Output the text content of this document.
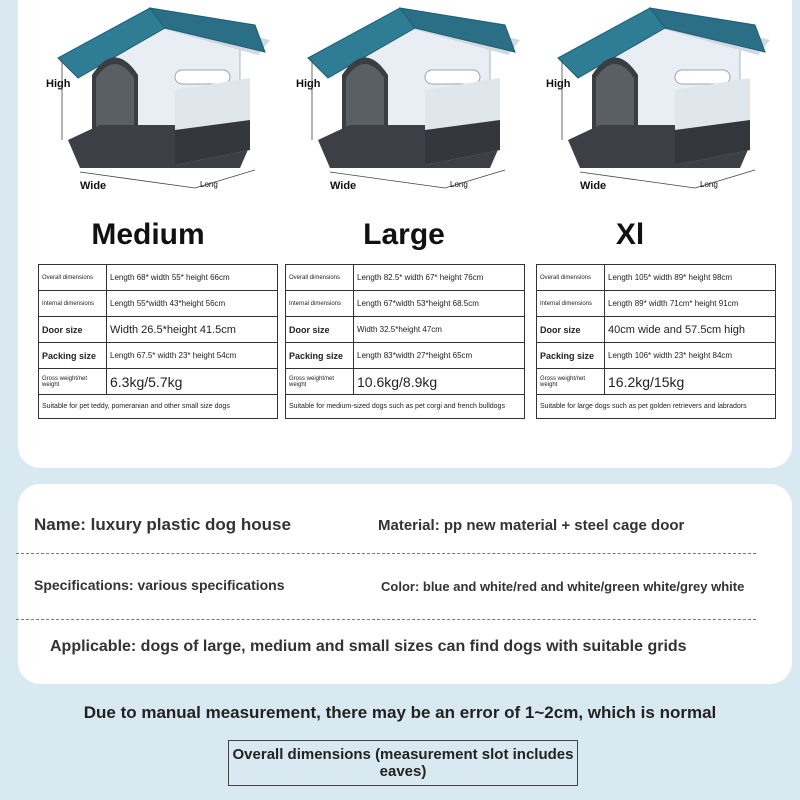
High
Wide	Long
High
Wide	Long
High
Wide	Long
Medium	Large	Xl
Overall dimensions	Length 68* width 55* height 66cm
Internal dimensions	Length 55*width 43*height 56cm
Door size	Width 26.5*height 41.5cm
Packing size	Length 67.5* width 23* height 54cm
Gross weight/net weight	6.3kg/5.7kg
Suitable for pet teddy, pomeranian and other small size dogs	
Overall dimensions	Length 82.5* width 67* height 76cm
Internal dimensions	Length 67*width 53*height 68.5cm
Door size	Width 32.5*height 47cm
Packing size	Length 83*width 27*height 65cm
Gross weight/net weight	10.6kg/8.9kg
Suitable for medium-sized dogs such as pet corgi and french bulldogs	
Overall dimensions	Length 105* width 89* height 98cm
Internal dimensions	Length 89* width 71cm* height 91cm
Door size	40cm wide and 57.5cm high
Packing size	Length 106* width 23* height 84cm
Gross weight/net weight	16.2kg/15kg
Suitable for large dogs such as pet golden retrievers and labradors	
Name: luxury plastic dog house	Material: pp new material + steel cage door
Specifications: various specifications	Color: blue and white/red and white/green white/grey white
Applicable: dogs of large, medium and small sizes can find dogs with suitable grids
Due to manual measurement, there may be an error of 1~2cm, which is normal
Overall dimensions (measurement slot includes eaves)
